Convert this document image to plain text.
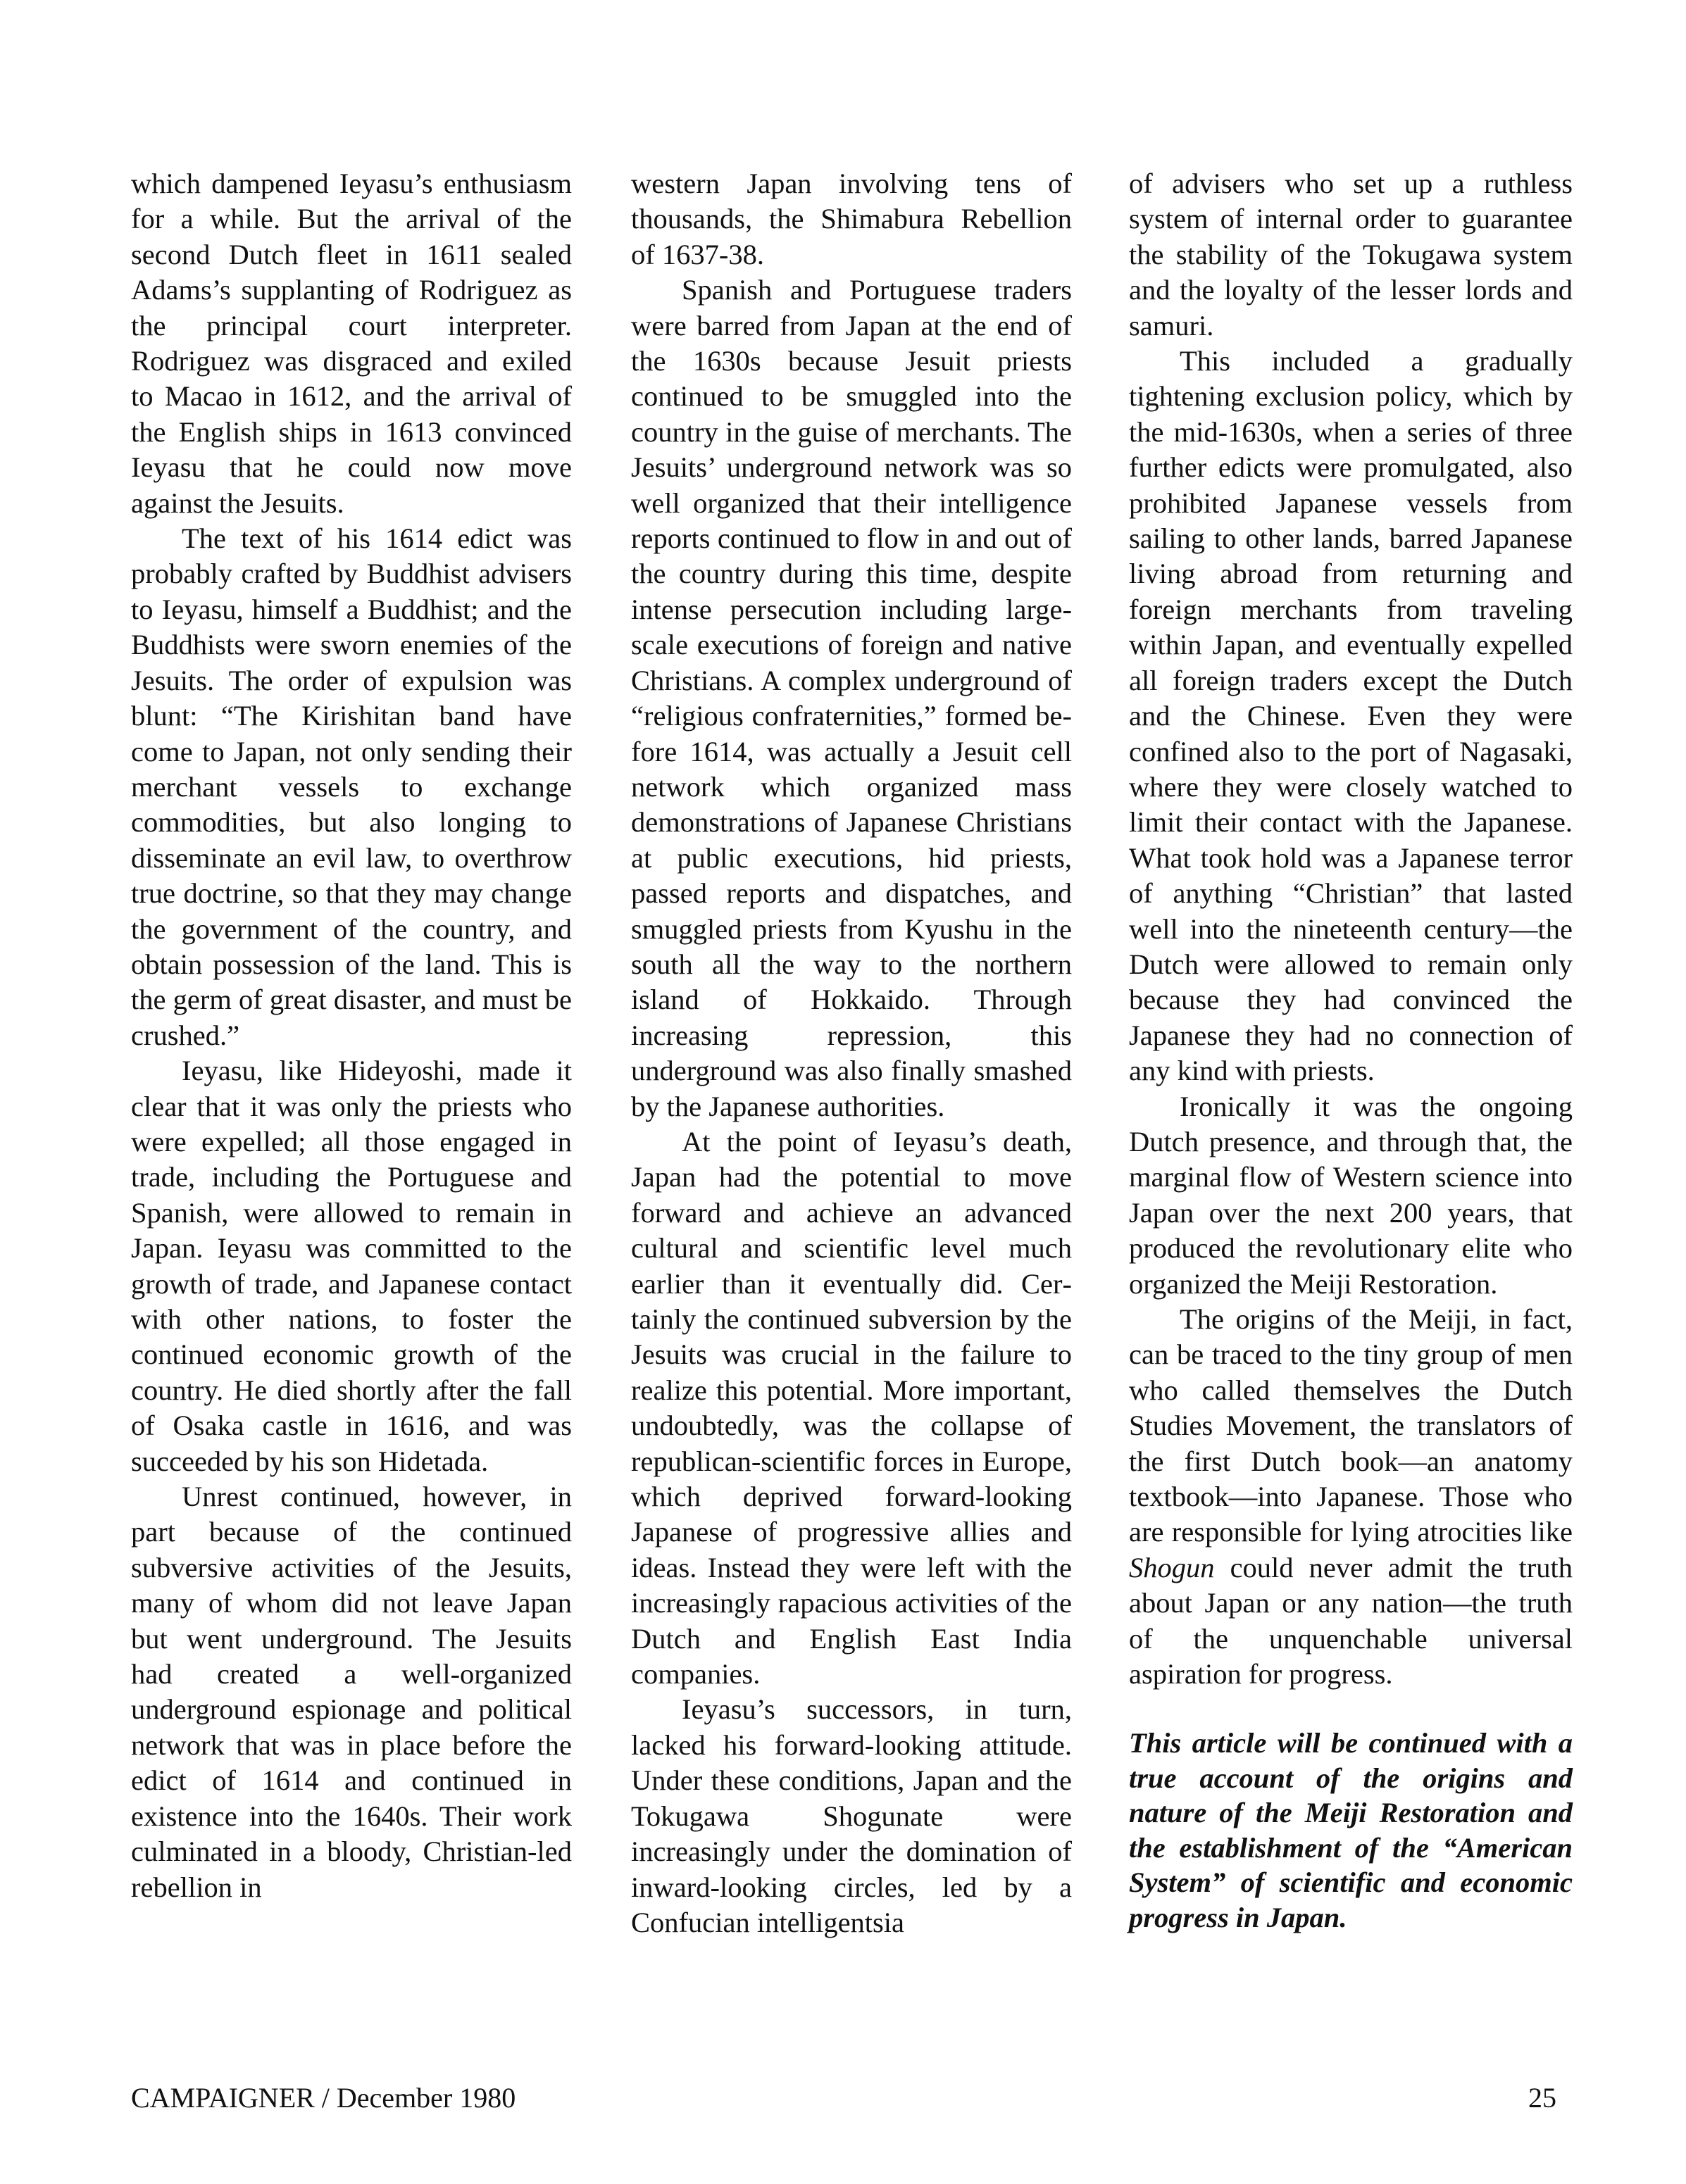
which dampened Ieyasu’s enthusiasm for a while. But the arrival of the second Dutch fleet in 1611 sealed Adams’s supplanting of Rodriguez as the principal court interpreter. Rodriguez was disgraced and exiled to Macao in 1612, and the arrival of the English ships in 1613 convinced Ieyasu that he could now move against the Jesuits.

The text of his 1614 edict was probably crafted by Buddhist advisers to Ieyasu, himself a Buddhist; and the Buddhists were sworn enemies of the Jesuits. The order of expulsion was blunt: “The Kirishitan band have come to Japan, not only sending their merchant vessels to exchange commodities, but also longing to disseminate an evil law, to overthrow true doctrine, so that they may change the government of the country, and obtain possession of the land. This is the germ of great disaster, and must be crushed.”

Ieyasu, like Hideyoshi, made it clear that it was only the priests who were expelled; all those engaged in trade, including the Portuguese and Spanish, were allowed to remain in Japan. Ieyasu was committed to the growth of trade, and Japanese contact with other nations, to foster the continued economic growth of the country. He died shortly after the fall of Osaka castle in 1616, and was succeeded by his son Hidetada.

Unrest continued, however, in part because of the continued subversive activities of the Jesuits, many of whom did not leave Japan but went underground. The Jesuits had created a well-organized underground espionage and political network that was in place before the edict of 1614 and continued in existence into the 1640s. Their work culminated in a bloody, Christian-led rebellion in

western Japan involving tens of thousands, the Shimabura Rebellion of 1637-38.

Spanish and Portuguese traders were barred from Japan at the end of the 1630s because Jesuit priests continued to be smuggled into the country in the guise of merchants. The Jesuits’ underground network was so well organized that their intelligence reports continued to flow in and out of the country during this time, despite intense persecution including large-scale executions of foreign and native Christians. A complex underground of “religious confraternities,” formed before 1614, was actually a Jesuit cell network which organized mass demonstrations of Japanese Christians at public executions, hid priests, passed reports and dispatches, and smuggled priests from Kyushu in the south all the way to the northern island of Hokkaido. Through increasing repression, this underground was also finally smashed by the Japanese authorities.

At the point of Ieyasu’s death, Japan had the potential to move forward and achieve an advanced cultural and scientific level much earlier than it eventually did. Certainly the continued subversion by the Jesuits was crucial in the failure to realize this potential. More important, undoubtedly, was the collapse of republican-scientific forces in Europe, which deprived forward-looking Japanese of progressive allies and ideas. Instead they were left with the increasingly rapacious activities of the Dutch and English East India companies.

Ieyasu’s successors, in turn, lacked his forward-looking attitude. Under these conditions, Japan and the Tokugawa Shogunate were increasingly under the domination of inward-looking circles, led by a Confucian intelligentsia

of advisers who set up a ruthless system of internal order to guarantee the stability of the Tokugawa system and the loyalty of the lesser lords and samuri.

This included a gradually tightening exclusion policy, which by the mid-1630s, when a series of three further edicts were promulgated, also prohibited Japanese vessels from sailing to other lands, barred Japanese living abroad from returning and foreign merchants from traveling within Japan, and eventually expelled all foreign traders except the Dutch and the Chinese. Even they were confined also to the port of Nagasaki, where they were closely watched to limit their contact with the Japanese. What took hold was a Japanese terror of anything “Christian” that lasted well into the nineteenth century—the Dutch were allowed to remain only because they had convinced the Japanese they had no connection of any kind with priests.

Ironically it was the ongoing Dutch presence, and through that, the marginal flow of Western science into Japan over the next 200 years, that produced the revolutionary elite who organized the Meiji Restoration.

The origins of the Meiji, in fact, can be traced to the tiny group of men who called themselves the Dutch Studies Movement, the translators of the first Dutch book—an anatomy textbook—into Japanese. Those who are responsible for lying atrocities like Shogun could never admit the truth about Japan or any nation—the truth of the unquenchable universal aspiration for progress.

This article will be continued with a true account of the origins and nature of the Meiji Restoration and the establishment of the “American System” of scientific and economic progress in Japan.

CAMPAIGNER / December 1980	25
